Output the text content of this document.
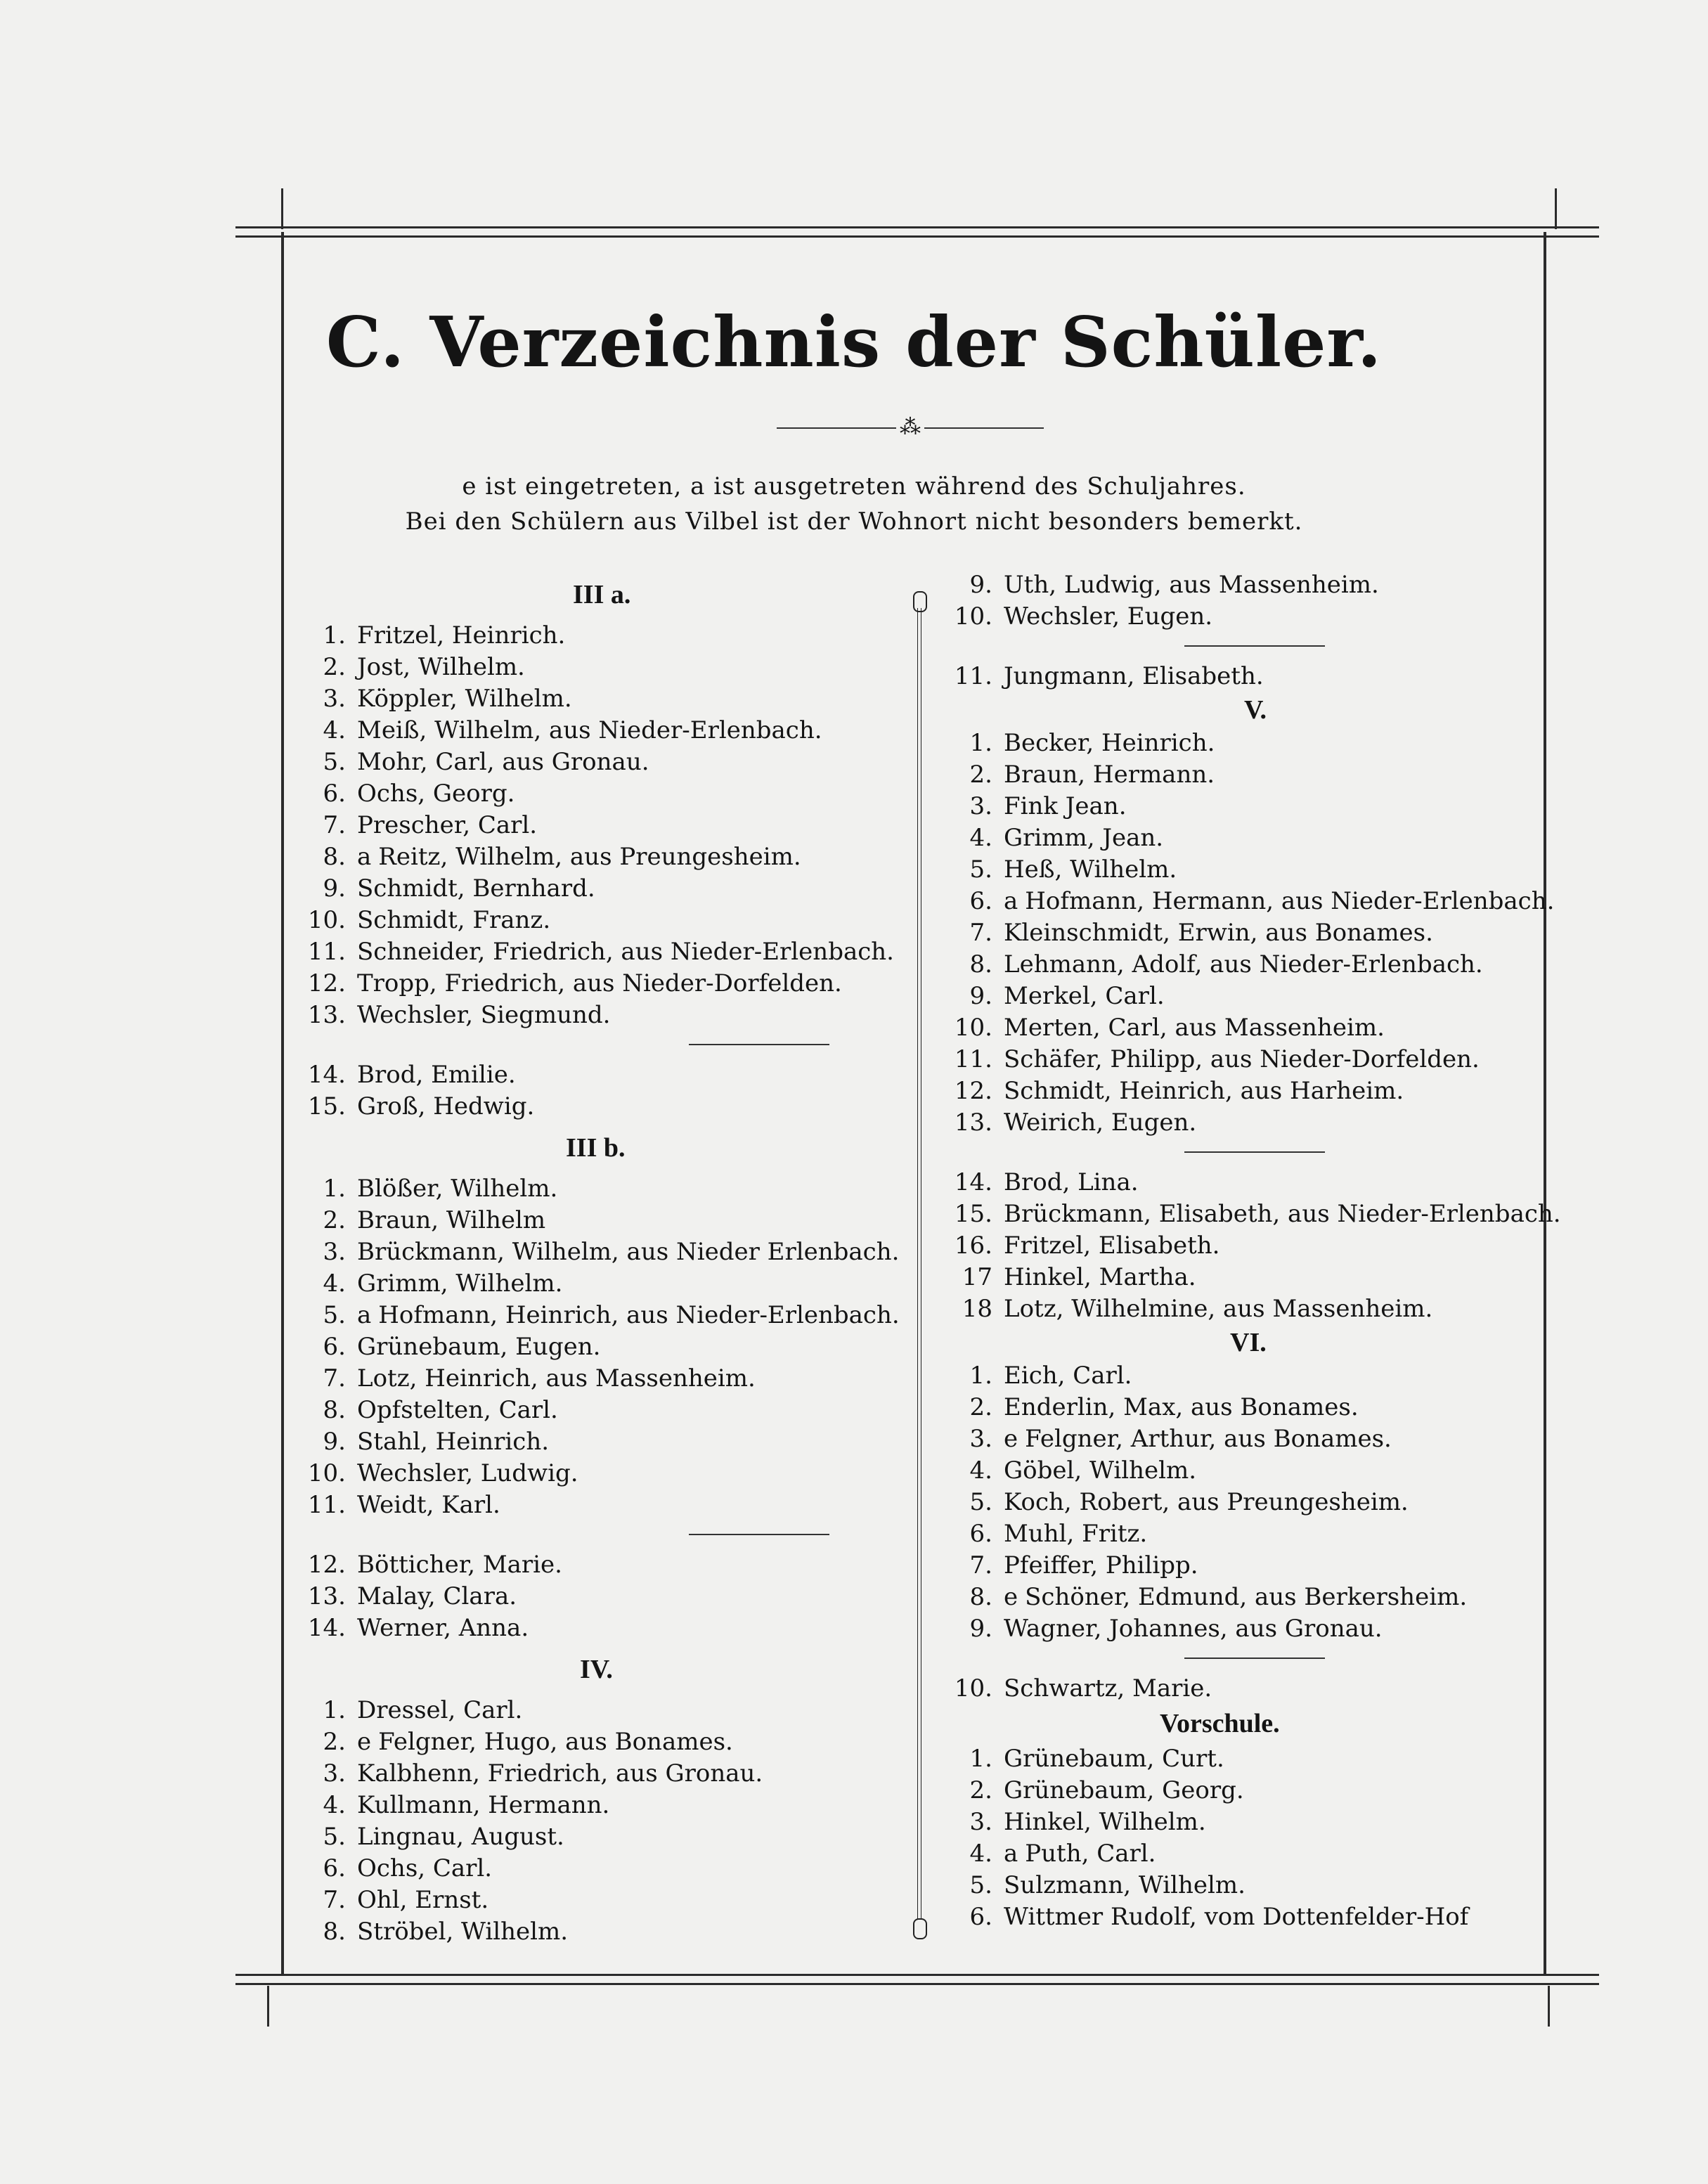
C. Verzeichnis der Schüler.
⁂
e ist eingetreten, a ist ausgetreten während des Schuljahres.
Bei den Schülern aus Vilbel ist der Wohnort nicht besonders bemerkt.
III a.
1. Fritzel, Heinrich.
2. Jost, Wilhelm.
3. Köppler, Wilhelm.
4. Meiß, Wilhelm, aus Nieder-Erlenbach.
5. Mohr, Carl, aus Gronau.
6. Ochs, Georg.
7. Prescher, Carl.
8. a Reitz, Wilhelm, aus Preungesheim.
9. Schmidt, Bernhard.
10. Schmidt, Franz.
11. Schneider, Friedrich, aus Nieder-Erlenbach.
12. Tropp, Friedrich, aus Nieder-Dorfelden.
13. Wechsler, Siegmund.
14. Brod, Emilie.
15. Groß, Hedwig.
III b.
1. Blößer, Wilhelm.
2. Braun, Wilhelm
3. Brückmann, Wilhelm, aus Nieder Erlenbach.
4. Grimm, Wilhelm.
5. a Hofmann, Heinrich, aus Nieder-Erlenbach.
6. Grünebaum, Eugen.
7. Lotz, Heinrich, aus Massenheim.
8. Opfstelten, Carl.
9. Stahl, Heinrich.
10. Wechsler, Ludwig.
11. Weidt, Karl.
12. Bötticher, Marie.
13. Malay, Clara.
14. Werner, Anna.
IV.
1. Dressel, Carl.
2. e Felgner, Hugo, aus Bonames.
3. Kalbhenn, Friedrich, aus Gronau.
4. Kullmann, Hermann.
5. Lingnau, August.
6. Ochs, Carl.
7. Ohl, Ernst.
8. Ströbel, Wilhelm.
9. Uth, Ludwig, aus Massenheim.
10. Wechsler, Eugen.
11. Jungmann, Elisabeth.
V.
1. Becker, Heinrich.
2. Braun, Hermann.
3. Fink Jean.
4. Grimm, Jean.
5. Heß, Wilhelm.
6. a Hofmann, Hermann, aus Nieder-Erlenbach.
7. Kleinschmidt, Erwin, aus Bonames.
8. Lehmann, Adolf, aus Nieder-Erlenbach.
9. Merkel, Carl.
10. Merten, Carl, aus Massenheim.
11. Schäfer, Philipp, aus Nieder-Dorfelden.
12. Schmidt, Heinrich, aus Harheim.
13. Weirich, Eugen.
14. Brod, Lina.
15. Brückmann, Elisabeth, aus Nieder-Erlenbach.
16. Fritzel, Elisabeth.
17 Hinkel, Martha.
18 Lotz, Wilhelmine, aus Massenheim.
VI.
1. Eich, Carl.
2. Enderlin, Max, aus Bonames.
3. e Felgner, Arthur, aus Bonames.
4. Göbel, Wilhelm.
5. Koch, Robert, aus Preungesheim.
6. Muhl, Fritz.
7. Pfeiffer, Philipp.
8. e Schöner, Edmund, aus Berkersheim.
9. Wagner, Johannes, aus Gronau.
10. Schwartz, Marie.
Vorschule.
1. Grünebaum, Curt.
2. Grünebaum, Georg.
3. Hinkel, Wilhelm.
4. a Puth, Carl.
5. Sulzmann, Wilhelm.
6. Wittmer Rudolf, vom Dottenfelder-Hof
